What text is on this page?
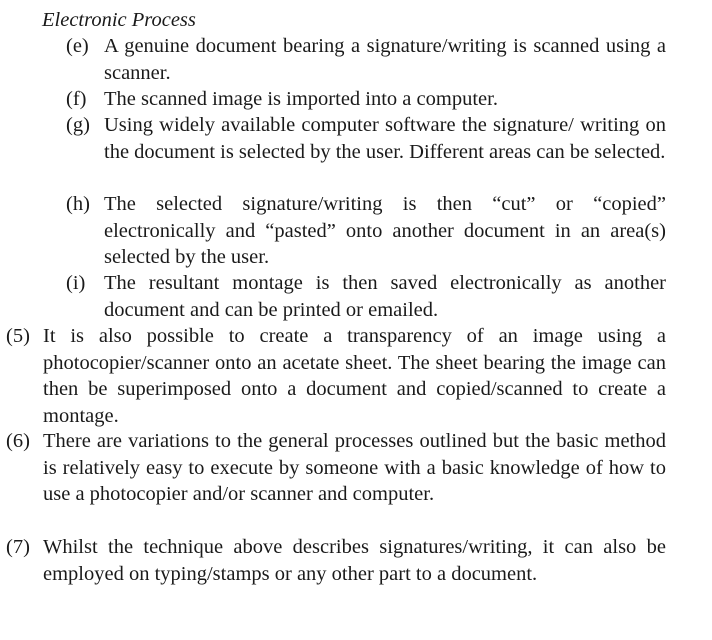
Electronic Process
(e) A genuine document bearing a signature/writing is scanned using a scanner.
(f) The scanned image is imported into a computer.
(g) Using widely available computer software the signature/ writing on the document is selected by the user. Different areas can be selected.
(h) The selected signature/writing is then “cut” or “copied” electronically and “pasted” onto another document in an area(s) selected by the user.
(i) The resultant montage is then saved electronically as another document and can be printed or emailed.
(5) It is also possible to create a transparency of an image using a photocopier/scanner onto an acetate sheet. The sheet bearing the image can then be superimposed onto a document and copied/scanned to create a montage.
(6) There are variations to the general processes outlined but the basic method is relatively easy to execute by someone with a basic knowledge of how to use a photocopier and/or scanner and computer.
(7) Whilst the technique above describes signatures/writing, it can also be employed on typing/stamps or any other part to a document.
